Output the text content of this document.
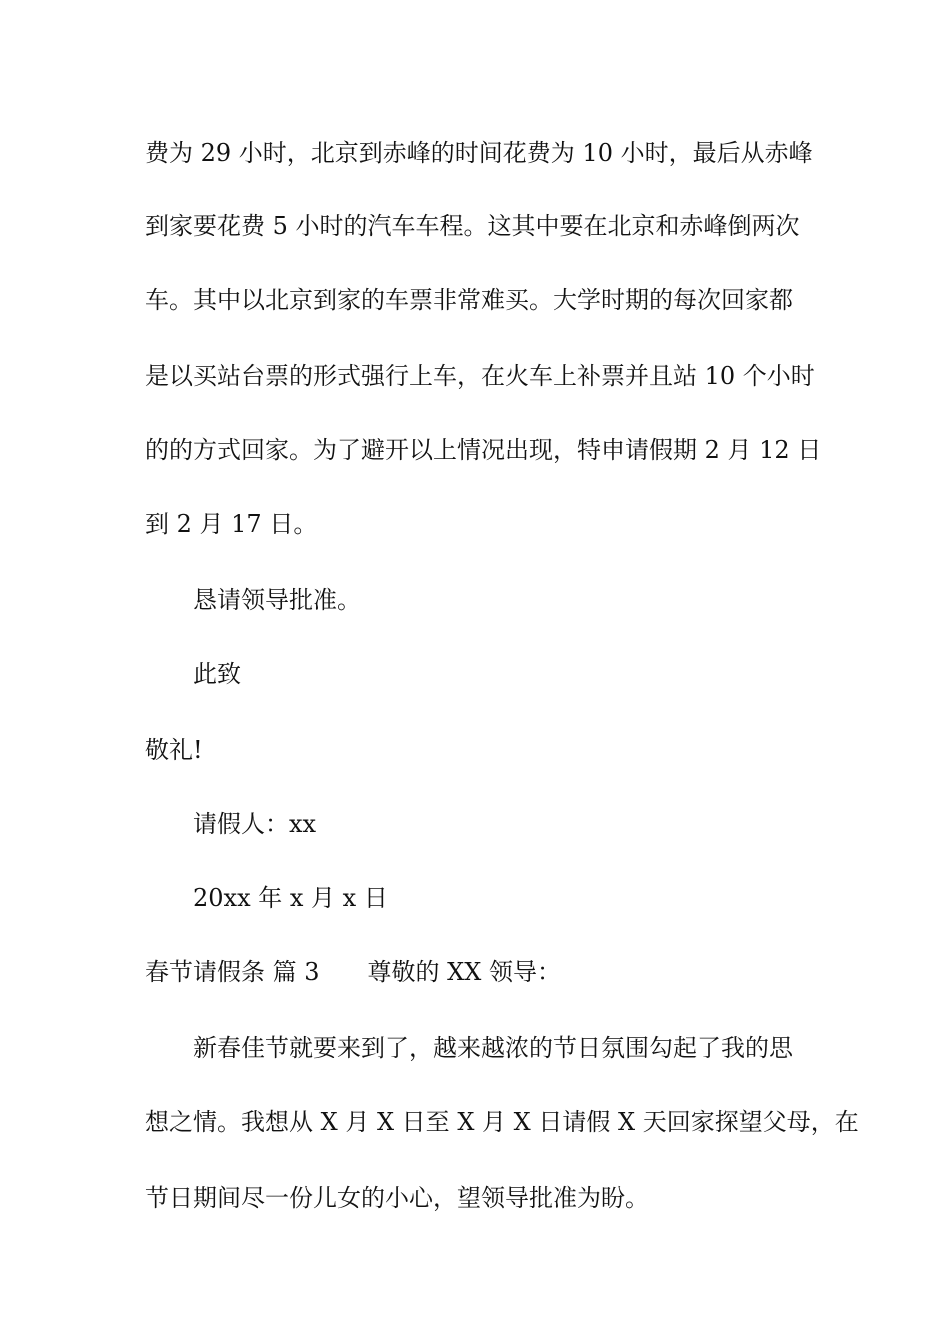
费为 29 小时，北京到赤峰的时间花费为 10 小时，最后从赤峰
到家要花费 5 小时的汽车车程。这其中要在北京和赤峰倒两次
车。其中以北京到家的车票非常难买。大学时期的每次回家都
是以买站台票的形式强行上车，在火车上补票并且站 10 个小时
的的方式回家。为了避开以上情况出现，特申请假期 2 月 12 日
到 2 月 17 日。
恳请领导批准。
此致
敬礼!
请假人：xx
20xx 年 x 月 x 日
春节请假条 篇 3 尊敬的 XX 领导：
新春佳节就要来到了，越来越浓的节日氛围勾起了我的思
想之情。我想从 X 月 X 日至 X 月 X 日请假 X 天回家探望父母，在
节日期间尽一份儿女的小心，望领导批准为盼。
